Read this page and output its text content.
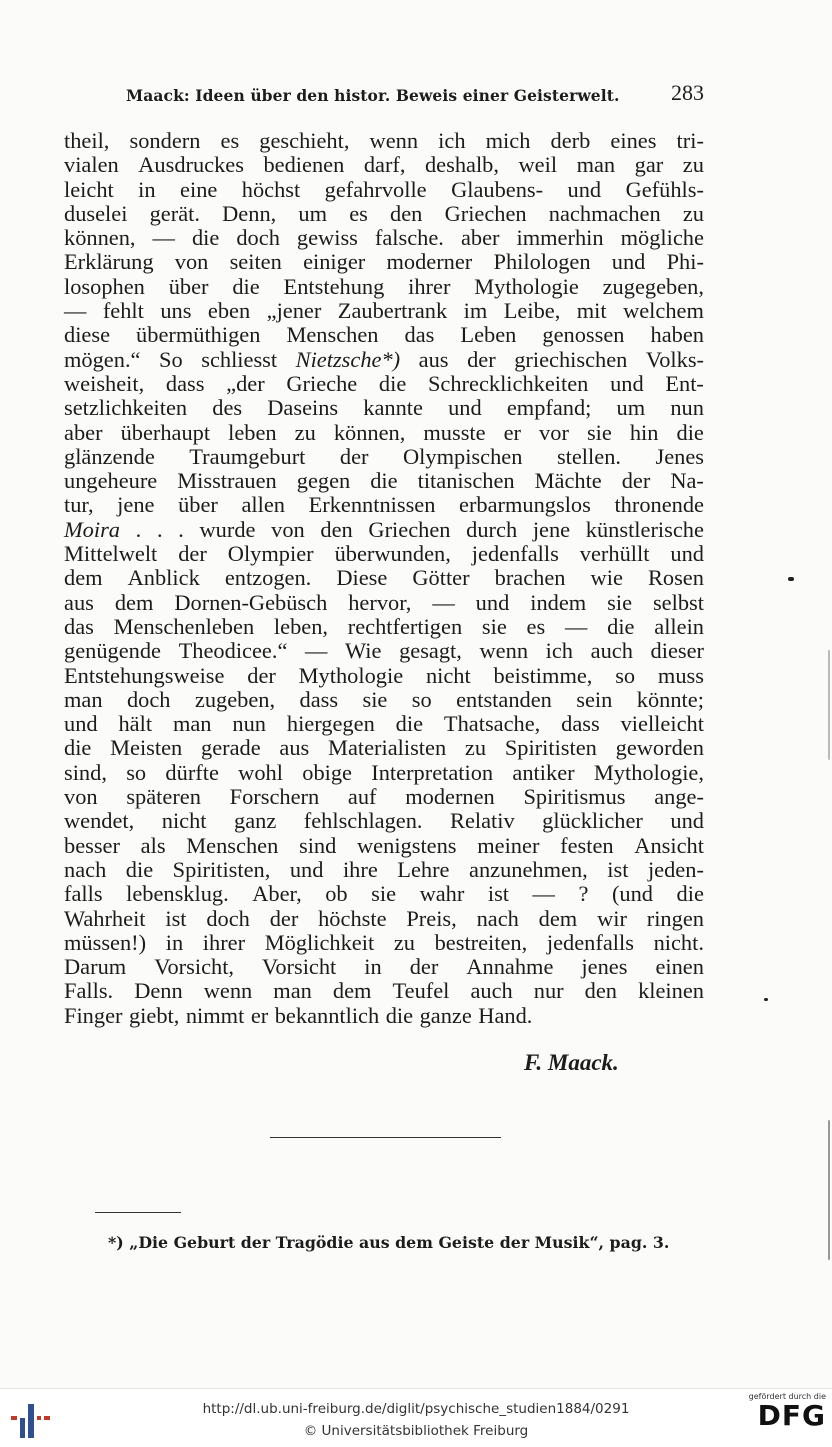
Maack: Ideen über den histor. Beweis einer Geisterwelt. 283
theil, sondern es geschieht, wenn ich mich derb eines tri-
vialen Ausdruckes bedienen darf, deshalb, weil man gar zu
leicht in eine höchst gefahrvolle Glaubens- und Gefühls-
duselei gerät. Denn, um es den Griechen nachmachen zu
können, — die doch gewiss falsche. aber immerhin mögliche
Erklärung von seiten einiger moderner Philologen und Phi-
losophen über die Entstehung ihrer Mythologie zugegeben,
— fehlt uns eben „jener Zaubertrank im Leibe, mit welchem
diese übermüthigen Menschen das Leben genossen haben
mögen.“ So schliesst Nietzsche*) aus der griechischen Volks-
weisheit, dass „der Grieche die Schrecklichkeiten und Ent-
setzlichkeiten des Daseins kannte und empfand; um nun
aber überhaupt leben zu können, musste er vor sie hin die
glänzende Traumgeburt der Olympischen stellen. Jenes
ungeheure Misstrauen gegen die titanischen Mächte der Na-
tur, jene über allen Erkenntnissen erbarmungslos thronende
Moira . . . wurde von den Griechen durch jene künstlerische
Mittelwelt der Olympier überwunden, jedenfalls verhüllt und
dem Anblick entzogen. Diese Götter brachen wie Rosen
aus dem Dornen-Gebüsch hervor, — und indem sie selbst
das Menschenleben leben, rechtfertigen sie es — die allein
genügende Theodicee.“ — Wie gesagt, wenn ich auch dieser
Entstehungsweise der Mythologie nicht beistimme, so muss
man doch zugeben, dass sie so entstanden sein könnte;
und hält man nun hiergegen die Thatsache, dass vielleicht
die Meisten gerade aus Materialisten zu Spiritisten geworden
sind, so dürfte wohl obige Interpretation antiker Mythologie,
von späteren Forschern auf modernen Spiritismus ange-
wendet, nicht ganz fehlschlagen. Relativ glücklicher und
besser als Menschen sind wenigstens meiner festen Ansicht
nach die Spiritisten, und ihre Lehre anzunehmen, ist jeden-
falls lebensklug. Aber, ob sie wahr ist — ? (und die
Wahrheit ist doch der höchste Preis, nach dem wir ringen
müssen!) in ihrer Möglichkeit zu bestreiten, jedenfalls nicht.
Darum Vorsicht, Vorsicht in der Annahme jenes einen
Falls. Denn wenn man dem Teufel auch nur den kleinen
Finger giebt, nimmt er bekanntlich die ganze Hand.
F. Maack.
*) „Die Geburt der Tragödie aus dem Geiste der Musik“, pag. 3.
http://dl.ub.uni-freiburg.de/diglit/psychische_studien1884/0291
© Universitätsbibliothek Freiburg
gefördert durch die
DFG
